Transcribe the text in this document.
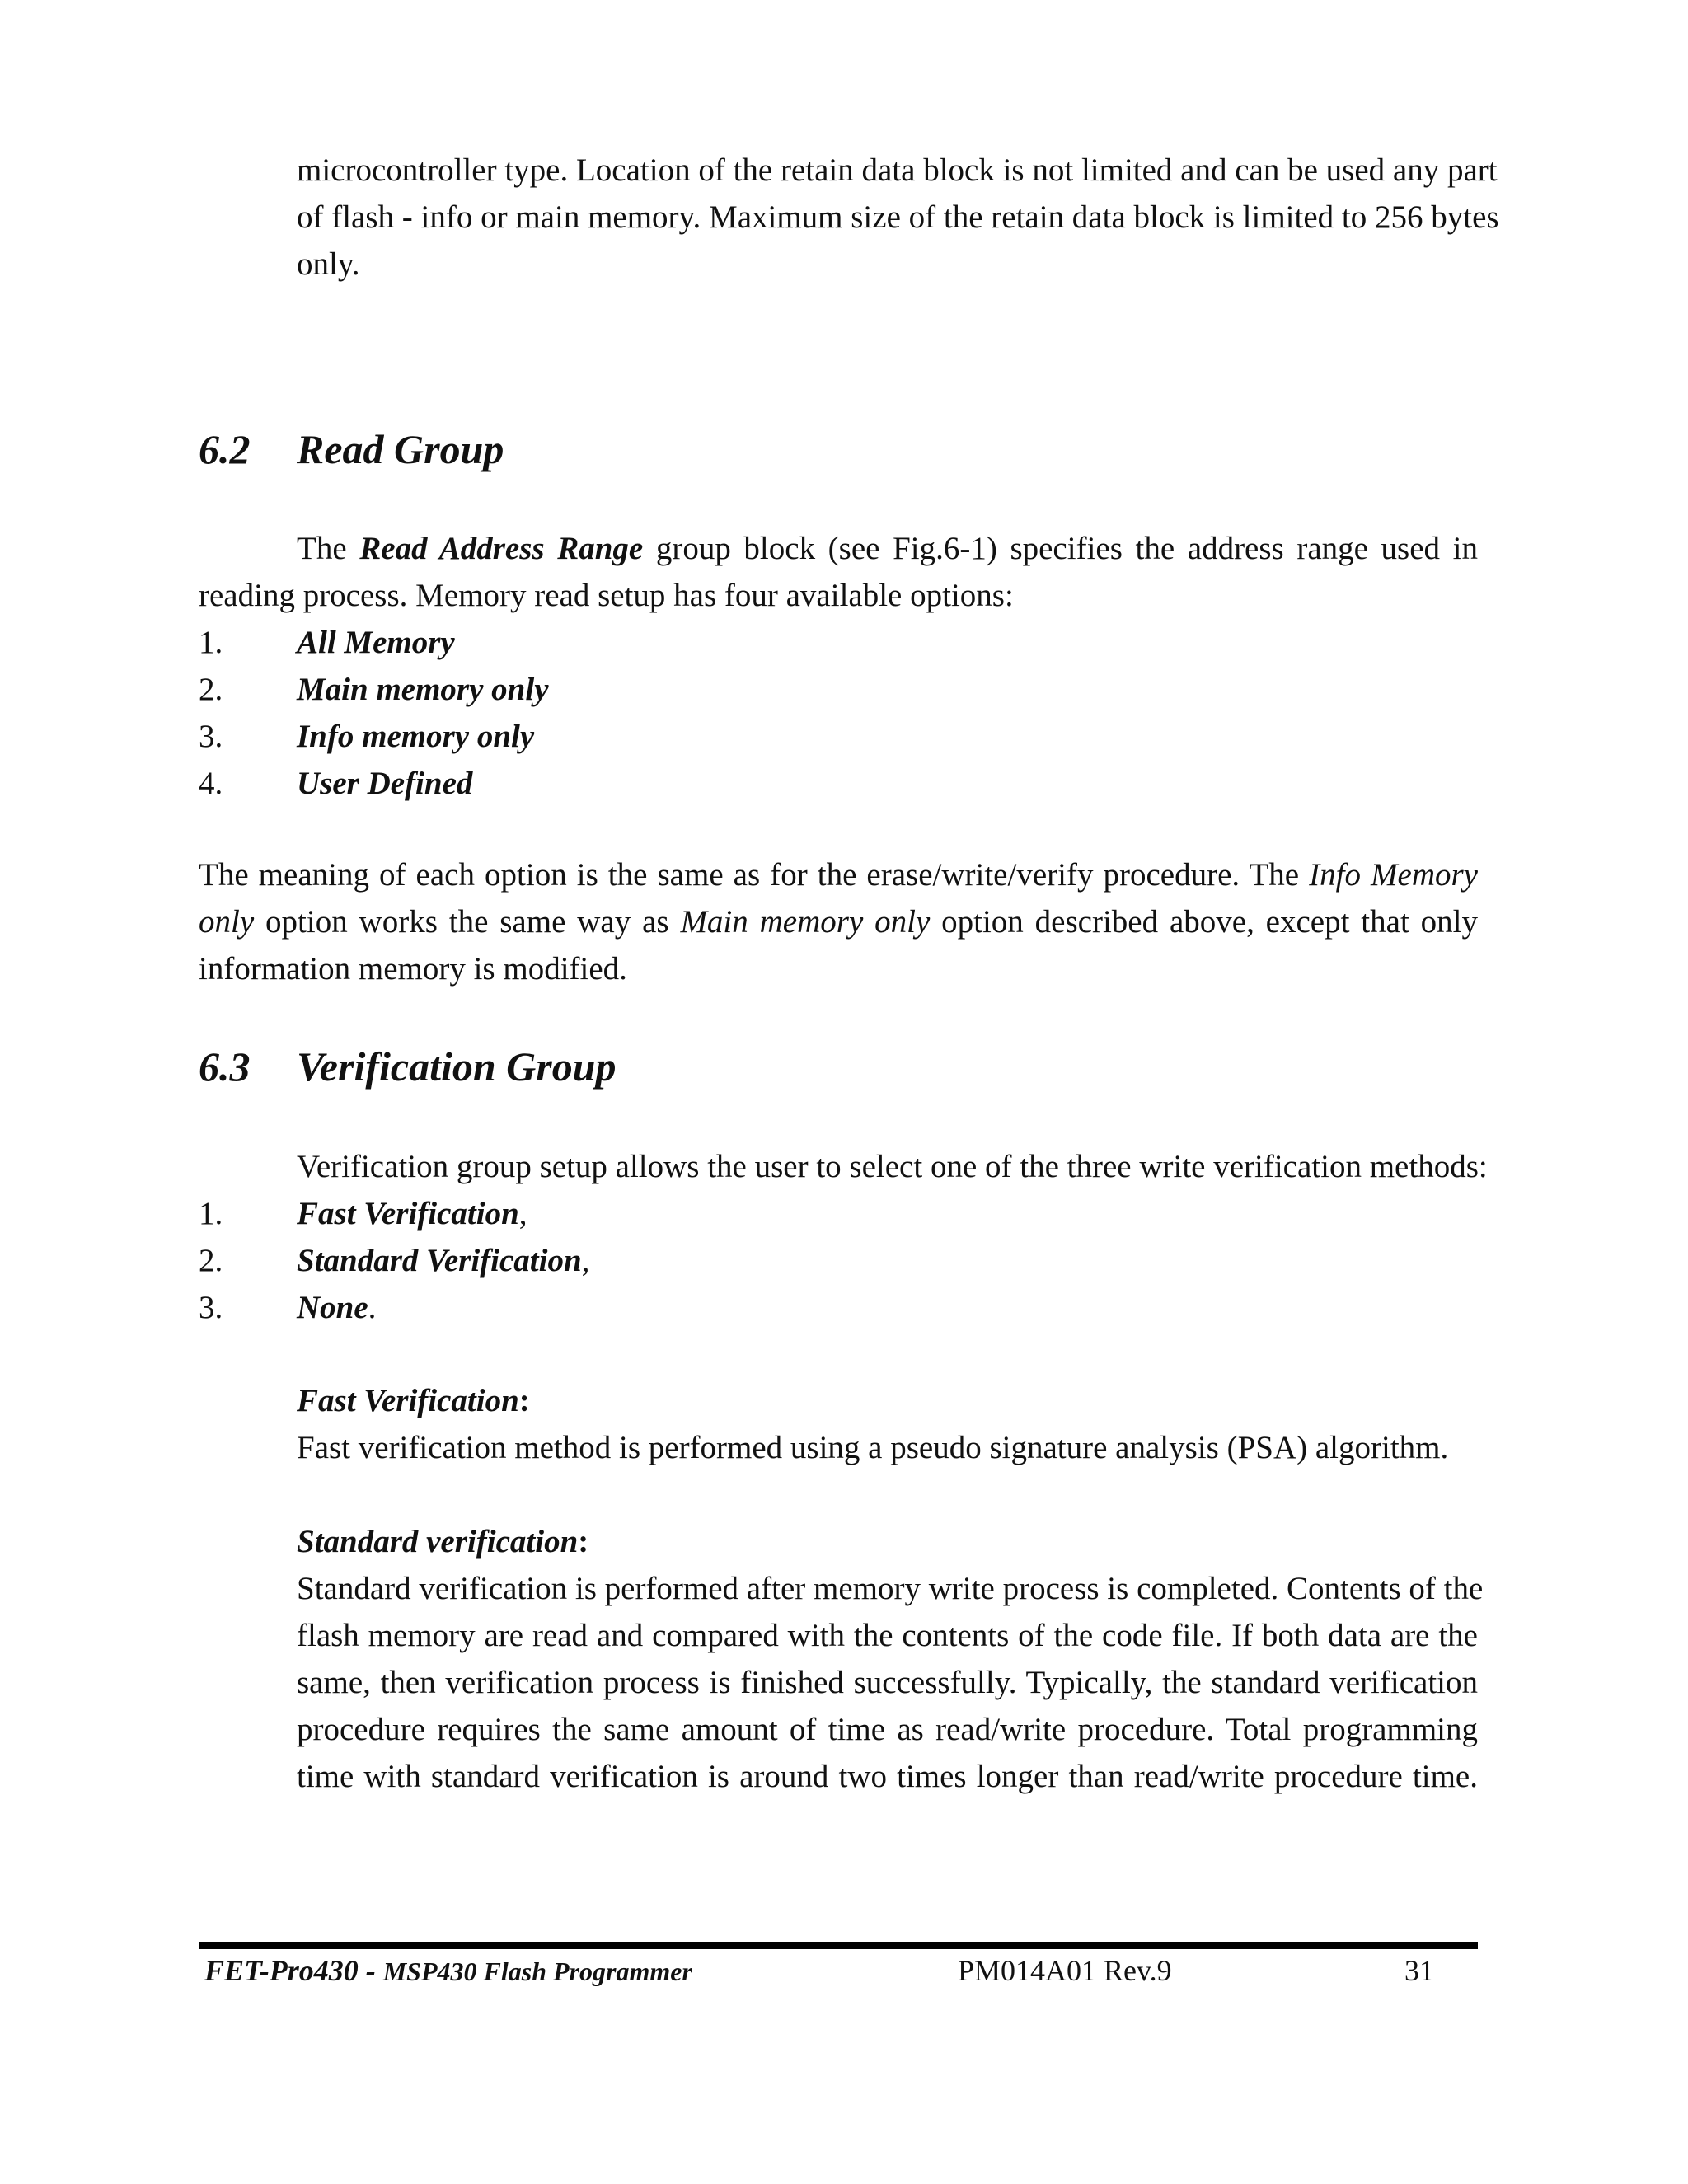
microcontroller type. Location of the retain data block is not limited and can be used any part
of flash - info or main memory. Maximum size of the retain data block is limited to 256 bytes
only.

6.2 Read Group

The Read Address Range group block (see Fig.6-1) specifies the address range used in

reading process. Memory read setup has four available options:

1. All Memory
2. Main memory only
3. Info memory only
4. User Defined

The meaning of each option is the same as for the erase/write/verify procedure. The Info Memory
only option works the same way as Main memory only option described above, except that only
information memory is modified.

6.3 Verification Group

Verification group setup allows the user to select one of the three write verification methods:

1. Fast Verification,
2. Standard Verification,
3. None.

Fast Verification:

Fast verification method is performed using a pseudo signature analysis (PSA) algorithm.

Standard verification:

Standard verification is performed after memory write process is completed. Contents of the
flash memory are read and compared with the contents of the code file. If both data are the
same, then verification process is finished successfully. Typically, the standard verification
procedure requires the same amount of time as read/write procedure. Total programming
time with standard verification is around two times longer than read/write procedure time.

FET-Pro430 - MSP430 Flash Programmer	PM014A01 Rev.9	31
